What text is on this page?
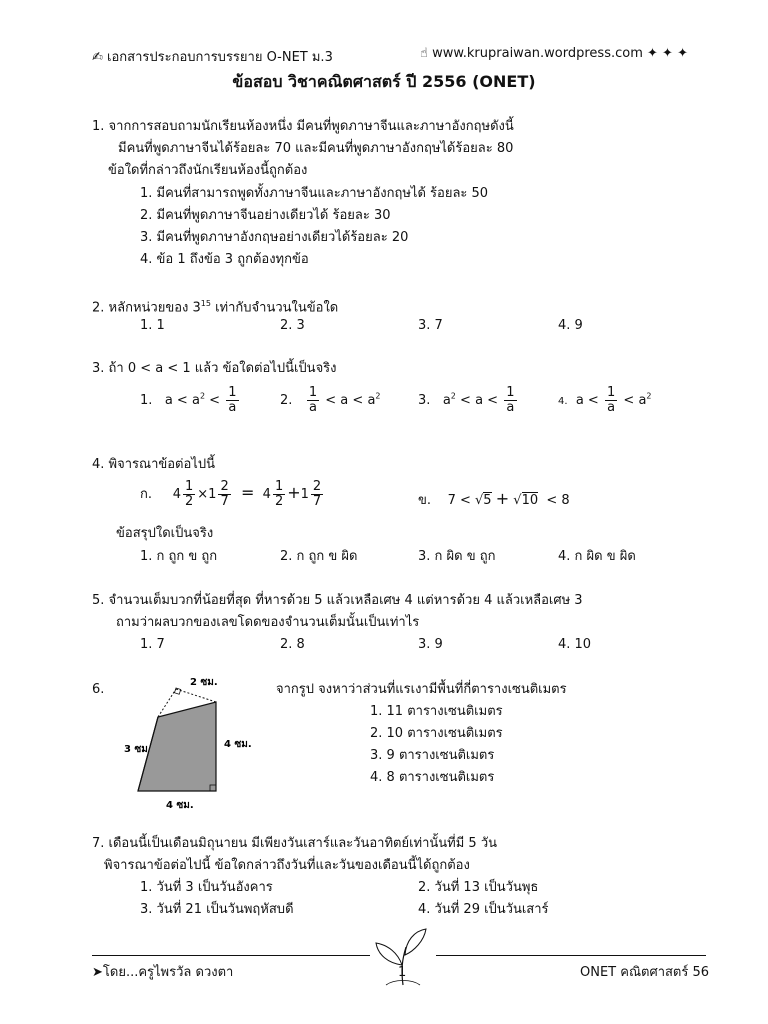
✍ เอกสารประกอบการบรรยาย O-NET ม.3	☝ www.krupraiwan.wordpress.com ✦ ✦ ✦
ข้อสอบ วิชาคณิตศาสตร์ ปี 2556 (ONET)
1. จากการสอบถามนักเรียนห้องหนึ่ง มีคนที่พูดภาษาจีนและภาษาอังกฤษดังนี้
มีคนที่พูดภาษาจีนได้ร้อยละ 70 และมีคนที่พูดภาษาอังกฤษได้ร้อยละ 80
ข้อใดที่กล่าวถึงนักเรียนห้องนี้ถูกต้อง
1. มีคนที่สามารถพูดทั้งภาษาจีนและภาษาอังกฤษได้ ร้อยละ 50
2. มีคนที่พูดภาษาจีนอย่างเดียวได้ ร้อยละ 30
3. มีคนที่พูดภาษาอังกฤษอย่างเดียวได้ร้อยละ 20
4. ข้อ 1 ถึงข้อ 3 ถูกต้องทุกข้อ
2. หลักหน่วยของ $3^{15}$ เท่ากับจำนวนในข้อใด
1. 1	2. 3	3. 7	4. 9
3. ถ้า 0 < a < 1 แล้ว ข้อใดต่อไปนี้เป็นจริง
1. $a < a^2 < \frac{1}{a}$	2. $\frac{1}{a} < a < a^2$	3. $a^2 < a < \frac{1}{a}$	4. $a < \frac{1}{a} < a^2$
4. พิจารณาข้อต่อไปนี้
ก. $4 \frac{1}{2} \times 1 \frac{2}{7} = 4 \frac{1}{2} +1 \frac{2}{7}$	ข. 7 < √5 + √10 < 8
ข้อสรุปใดเป็นจริง
1. ก ถูก ข ถูก	2. ก ถูก ข ผิด	3. ก ผิด ข ถูก	4. ก ผิด ข ผิด
5. จำนวนเต็มบวกที่น้อยที่สุด ที่หารด้วย 5 แล้วเหลือเศษ 4 แต่หารด้วย 4 แล้วเหลือเศษ 3
ถามว่าผลบวกของเลขโดดของจำนวนเต็มนั้นเป็นเท่าไร
1. 7	2. 8	3. 9	4. 10
6.	2 ซม.
3 ซม	4 ซม.
4 ซม.
จากรูป จงหาว่าส่วนที่แรเงามีพื้นที่กี่ตารางเซนติเมตร
1. 11 ตารางเซนติเมตร
2. 10 ตารางเซนติเมตร
3. 9 ตารางเซนติเมตร
4. 8 ตารางเซนติเมตร
7. เดือนนี้เป็นเดือนมิถุนายน มีเพียงวันเสาร์และวันอาทิตย์เท่านั้นที่มี 5 วัน
พิจารณาข้อต่อไปนี้ ข้อใดกล่าวถึงวันที่และวันของเดือนนี้ได้ถูกต้อง
1. วันที่ 3 เป็นวันอังคาร	2. วันที่ 13 เป็นวันพุธ
3. วันที่ 21 เป็นวันพฤหัสบดี	4. วันที่ 29 เป็นวันเสาร์
➤โดย...ครูไพรวัล ดวงตา	1	ONET คณิตศาสตร์ 56
